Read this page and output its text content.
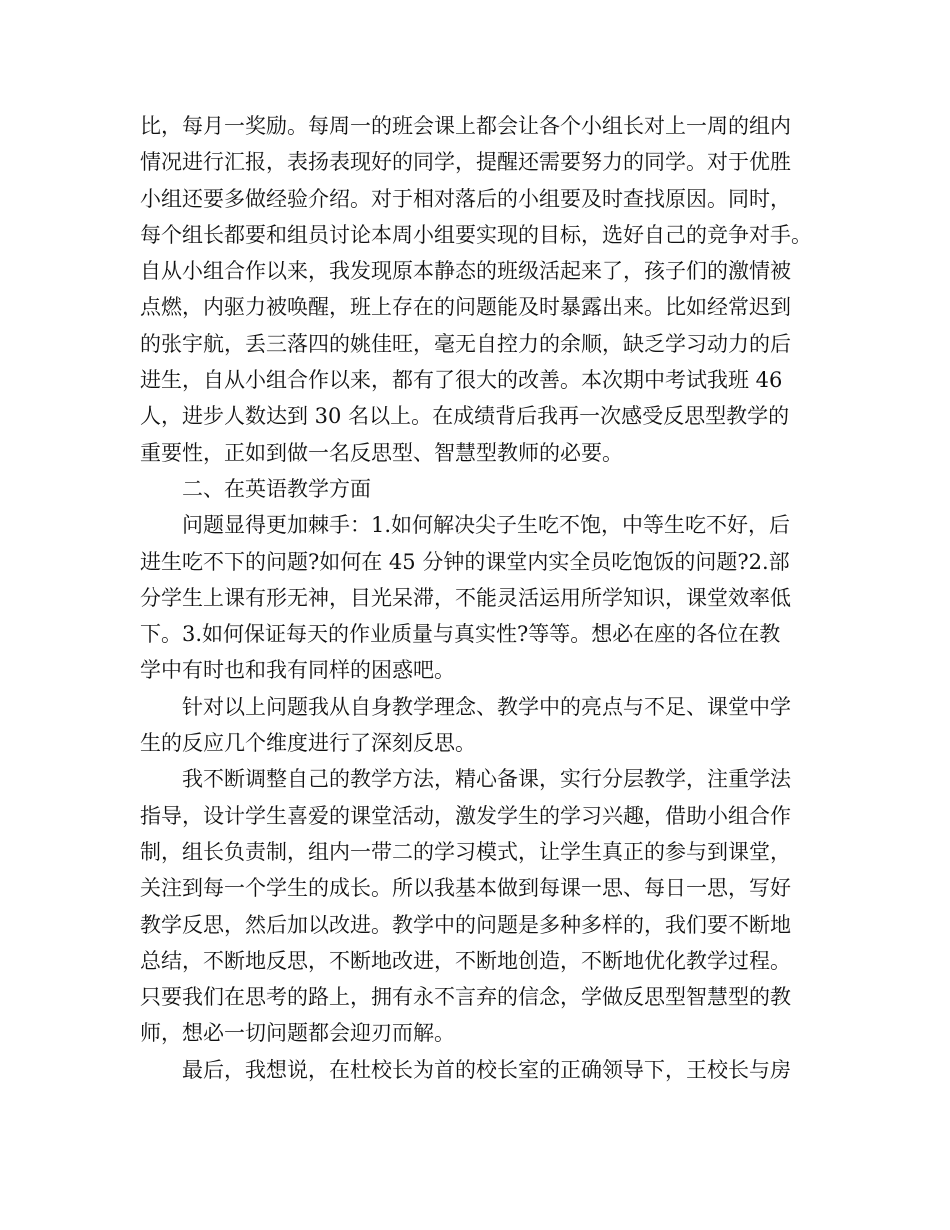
比，每月一奖励。每周一的班会课上都会让各个小组长对上一周的组内
情况进行汇报，表扬表现好的同学，提醒还需要努力的同学。对于优胜
小组还要多做经验介绍。对于相对落后的小组要及时查找原因。同时，
每个组长都要和组员讨论本周小组要实现的目标，选好自己的竞争对手。
自从小组合作以来，我发现原本静态的班级活起来了，孩子们的激情被
点燃，内驱力被唤醒，班上存在的问题能及时暴露出来。比如经常迟到
的张宇航，丢三落四的姚佳旺，毫无自控力的余顺，缺乏学习动力的后
进生，自从小组合作以来，都有了很大的改善。本次期中考试我班 46
人，进步人数达到 30 名以上。在成绩背后我再一次感受反思型教学的
重要性，正如到做一名反思型、智慧型教师的必要。
二、在英语教学方面
问题显得更加棘手：1.如何解决尖子生吃不饱，中等生吃不好，后
进生吃不下的问题?如何在 45 分钟的课堂内实全员吃饱饭的问题?2.部
分学生上课有形无神，目光呆滞，不能灵活运用所学知识，课堂效率低
下。3.如何保证每天的作业质量与真实性?等等。想必在座的各位在教
学中有时也和我有同样的困惑吧。
针对以上问题我从自身教学理念、教学中的亮点与不足、课堂中学
生的反应几个维度进行了深刻反思。
我不断调整自己的教学方法，精心备课，实行分层教学，注重学法
指导，设计学生喜爱的课堂活动，激发学生的学习兴趣，借助小组合作
制，组长负责制，组内一带二的学习模式，让学生真正的参与到课堂，
关注到每一个学生的成长。所以我基本做到每课一思、每日一思，写好
教学反思，然后加以改进。教学中的问题是多种多样的，我们要不断地
总结，不断地反思，不断地改进，不断地创造，不断地优化教学过程。
只要我们在思考的路上，拥有永不言弃的信念，学做反思型智慧型的教
师，想必一切问题都会迎刃而解。
最后，我想说，在杜校长为首的校长室的正确领导下，王校长与房
